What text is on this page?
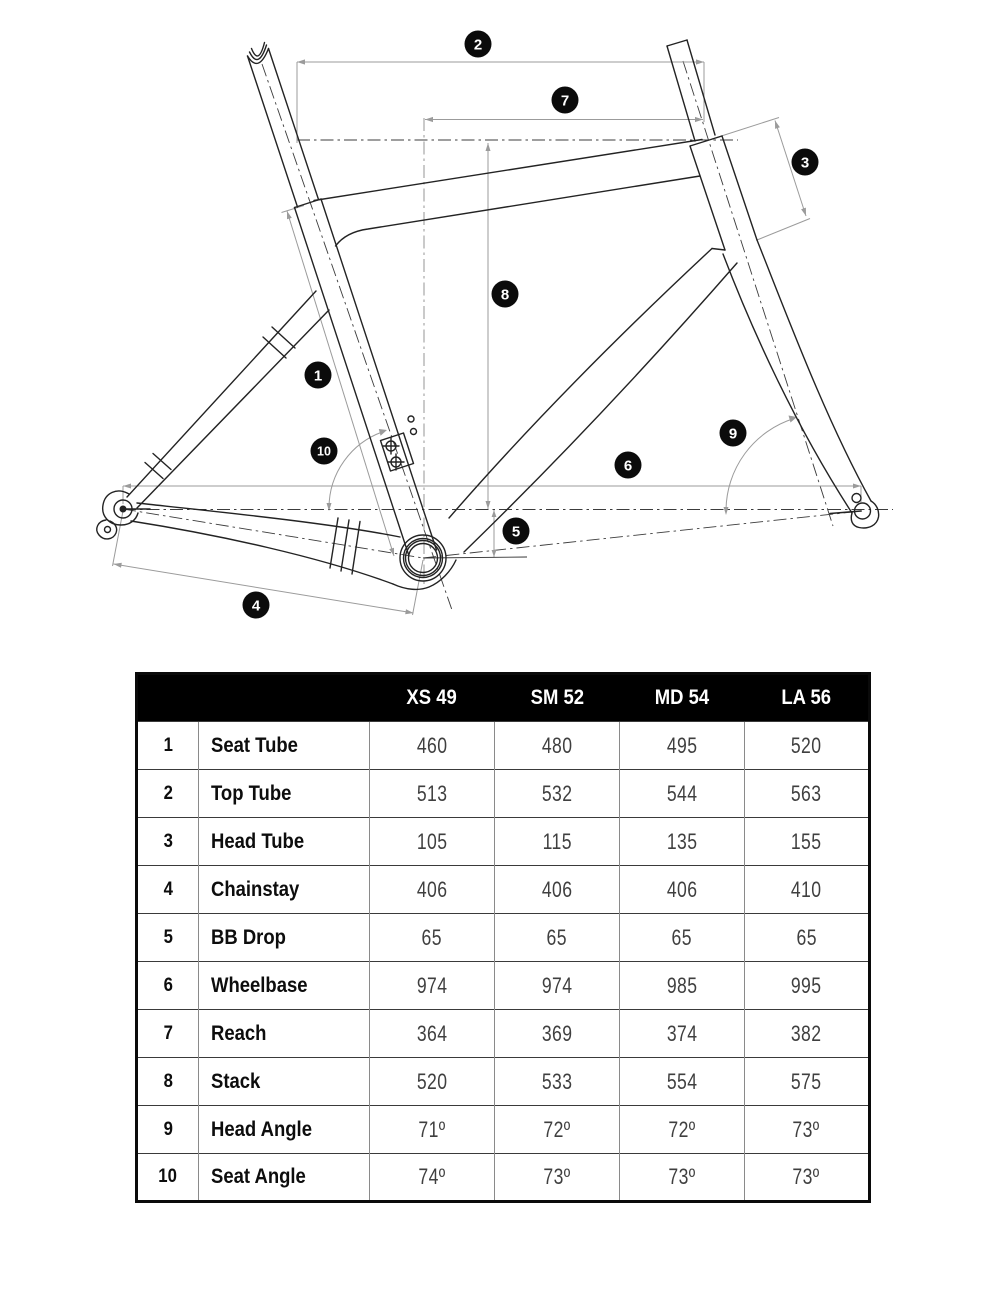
1
2
3
4
5
6
7
8
9
10
		XS 49	SM 52	MD 54	LA 56
1	Seat Tube	460	480	495	520
2	Top Tube	513	532	544	563
3	Head Tube	105	115	135	155
4	Chainstay	406	406	406	410
5	BB Drop	65	65	65	65
6	Wheelbase	974	974	985	995
7	Reach	364	369	374	382
8	Stack	520	533	554	575
9	Head Angle	71º	72º	72º	73º
10	Seat Angle	74º	73º	73º	73º
